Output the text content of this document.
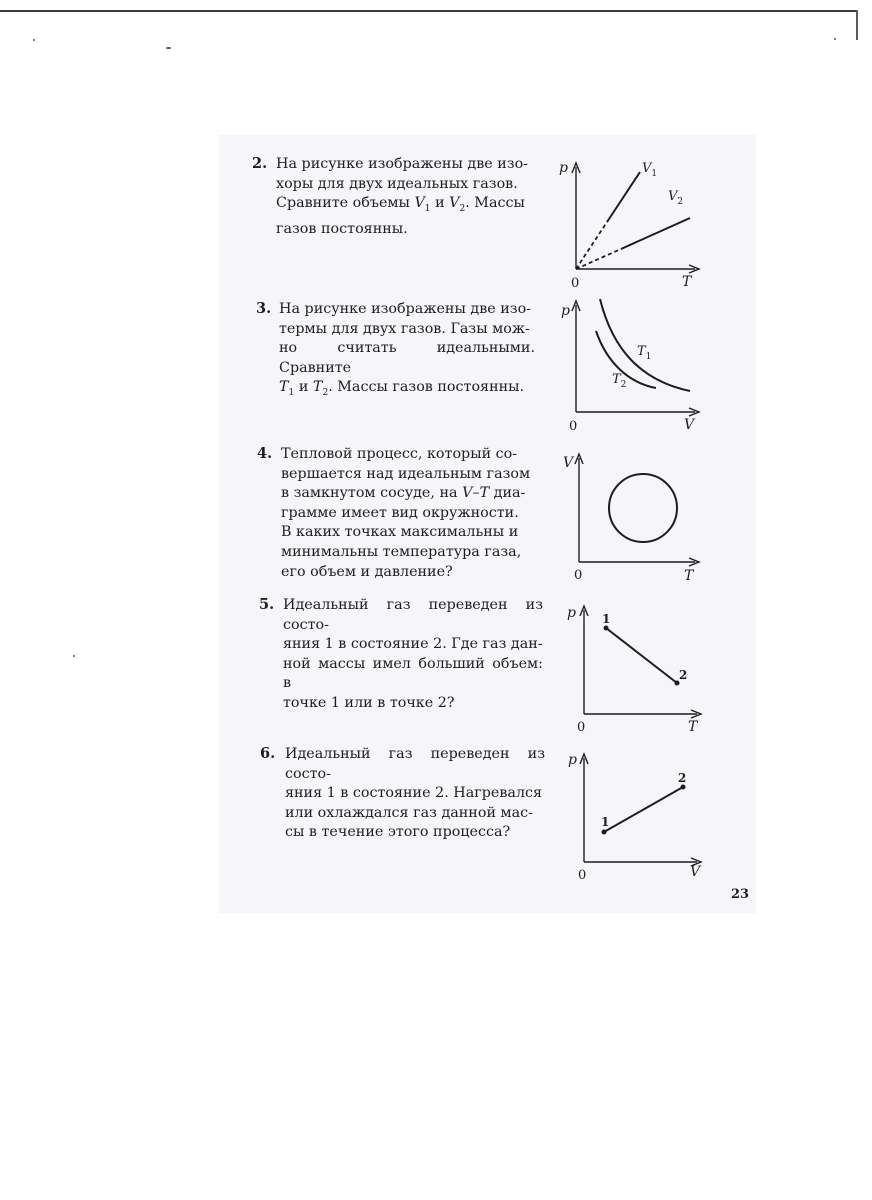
2. На рисунке изображены две изо-
хоры для двух идеальных газов.
Сравните объемы $V_1$ и $V_2$. Массы
газов постоянны.
p
T
0
$V_1$
$V_2$
3. На рисунке изображены две изо-
термы для двух газов. Газы мож-
но считать идеальными. Сравните
$T_1$ и $T_2$. Массы газов постоянны.
p
V
0
$T_1$
$T_2$
4. Тепловой процесс, который со-
вершается над идеальным газом
в замкнутом сосуде, на V–T диа-
грамме имеет вид окружности.
В каких точках максимальны и
минимальны температура газа,
его объем и давление?
V
T
0
5. Идеальный газ переведен из состо-
яния 1 в состояние 2. Где газ дан-
ной массы имел больший объем: в
точке 1 или в точке 2?
p
T
0
1
2
6. Идеальный газ переведен из состо-
яния 1 в состояние 2. Нагревался
или охлаждался газ данной мас-
сы в течение этого процесса?
p
V
0
1
2
23
